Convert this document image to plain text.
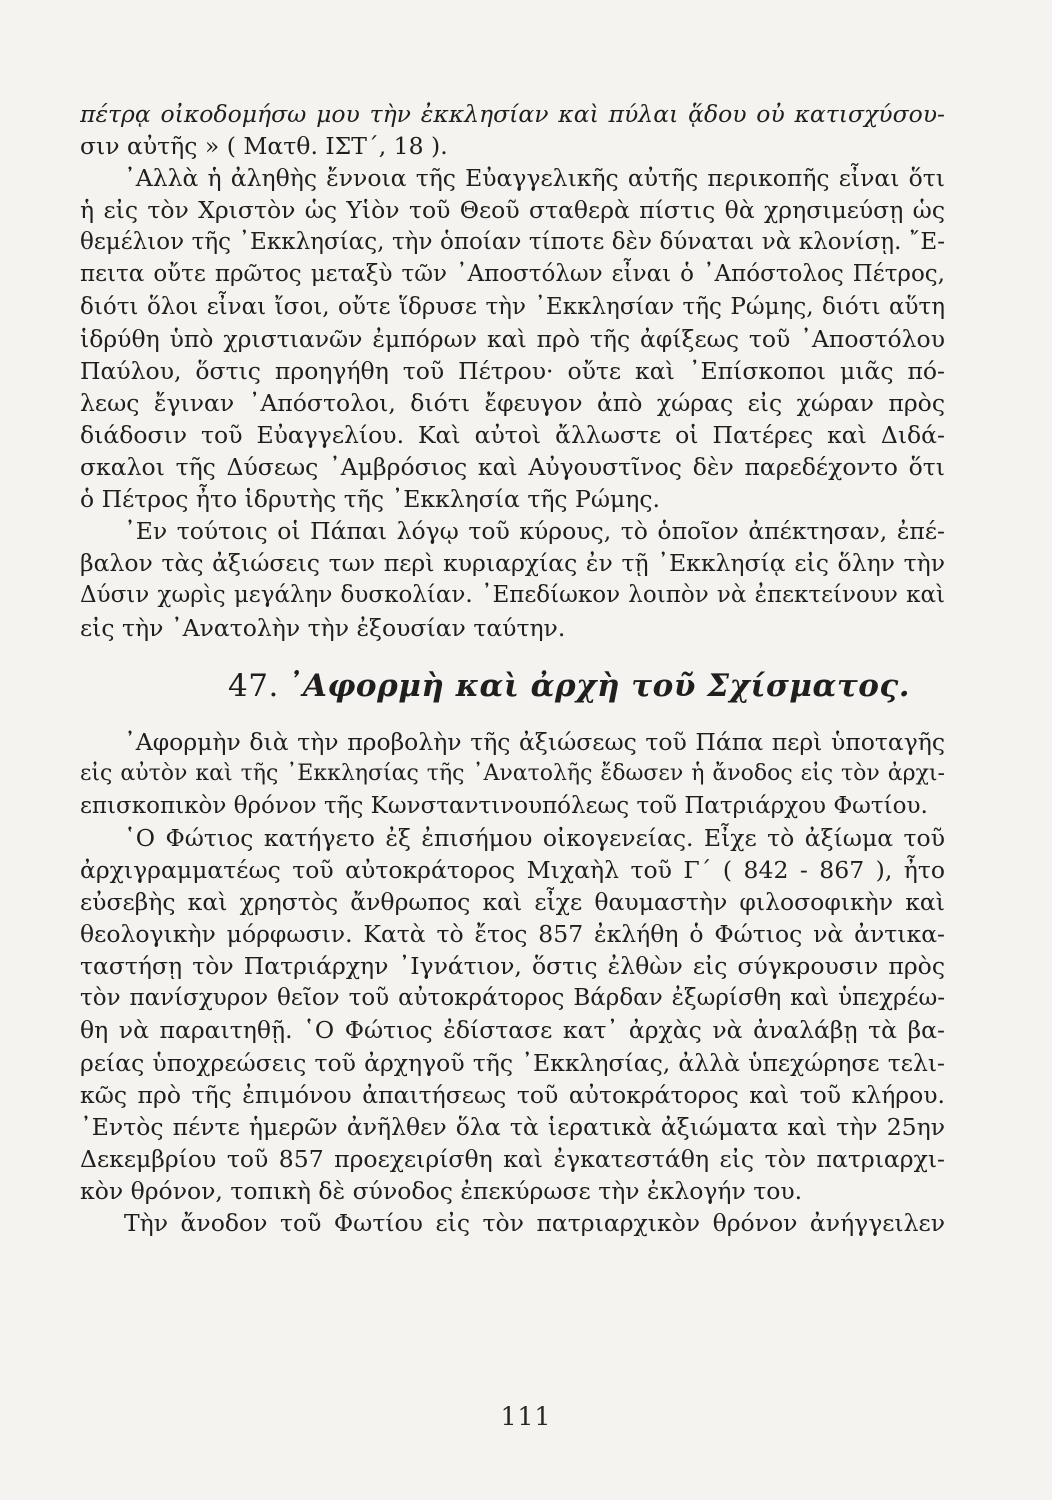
πέτρᾳ οἰκοδομήσω μου τὴν ἐκκλησίαν καὶ πύλαι ᾅδου οὐ κατισχύσου-
σιν αὐτῆς » ( Ματθ. ΙΣΤ΄, 18 ).
᾿Αλλὰ ἡ ἀληθὴς ἔννοια τῆς Εὐαγγελικῆς αὐτῆς περικοπῆς εἶναι ὅτι
ἡ εἰς τὸν Χριστὸν ὡς Υἱὸν τοῦ Θεοῦ σταθερὰ πίστις θὰ χρησιμεύσῃ ὡς
θεμέλιον τῆς ᾿Εκκλησίας, τὴν ὁποίαν τίποτε δὲν δύναται νὰ κλονίσῃ. ῎Ε-
πειτα οὔτε πρῶτος μεταξὺ τῶν ᾿Αποστόλων εἶναι ὁ ᾿Απόστολος Πέτρος,
διότι ὅλοι εἶναι ἴσοι, οὔτε ἵδρυσε τὴν ᾿Εκκλησίαν τῆς Ρώμης, διότι αὕτη
ἱδρύθη ὑπὸ χριστιανῶν ἐμπόρων καὶ πρὸ τῆς ἀφίξεως τοῦ ᾿Αποστόλου
Παύλου, ὅστις προηγήθη τοῦ Πέτρου· οὔτε καὶ ᾿Επίσκοποι μιᾶς πό-
λεως ἔγιναν ᾿Απόστολοι, διότι ἔφευγον ἀπὸ χώρας εἰς χώραν πρὸς
διάδοσιν τοῦ Εὐαγγελίου. Καὶ αὐτοὶ ἄλλωστε οἱ Πατέρες καὶ Διδά-
σκαλοι τῆς Δύσεως ᾿Αμβρόσιος καὶ Αὐγουστῖνος δὲν παρεδέχοντο ὅτι
ὁ Πέτρος ἦτο ἱδρυτὴς τῆς ᾿Εκκλησία τῆς Ρώμης.
᾿Εν τούτοις οἱ Πάπαι λόγῳ τοῦ κύρους, τὸ ὁποῖον ἀπέκτησαν, ἐπέ-
βαλον τὰς ἀξιώσεις των περὶ κυριαρχίας ἐν τῇ ᾿Εκκλησίᾳ εἰς ὅλην τὴν
Δύσιν χωρὶς μεγάλην δυσκολίαν. ᾿Επεδίωκον λοιπὸν νὰ ἐπεκτείνουν καὶ
εἰς τὴν ᾿Ανατολὴν τὴν ἐξουσίαν ταύτην.
47. ᾿Αφορμὴ καὶ ἀρχὴ τοῦ Σχίσματος.
᾿Αφορμὴν διὰ τὴν προβολὴν τῆς ἀξιώσεως τοῦ Πάπα περὶ ὑποταγῆς
εἰς αὐτὸν καὶ τῆς ᾿Εκκλησίας τῆς ᾿Ανατολῆς ἔδωσεν ἡ ἄνοδος εἰς τὸν ἀρχι-
επισκοπικὸν θρόνον τῆς Κωνσταντινουπόλεως τοῦ Πατριάρχου Φωτίου.
῾Ο Φώτιος κατήγετο ἐξ ἐπισήμου οἰκογενείας. Εἶχε τὸ ἀξίωμα τοῦ
ἀρχιγραμματέως τοῦ αὐτοκράτορος Μιχαὴλ τοῦ Γ΄ ( 842 - 867 ), ἦτο
εὐσεβὴς καὶ χρηστὸς ἄνθρωπος καὶ εἶχε θαυμαστὴν φιλοσοφικὴν καὶ
θεολογικὴν μόρφωσιν. Κατὰ τὸ ἔτος 857 ἐκλήθη ὁ Φώτιος νὰ ἀντικα-
ταστήσῃ τὸν Πατριάρχην ᾿Ιγνάτιον, ὅστις ἐλθὼν εἰς σύγκρουσιν πρὸς
τὸν πανίσχυρον θεῖον τοῦ αὐτοκράτορος Βάρδαν ἐξωρίσθη καὶ ὑπεχρέω-
θη νὰ παραιτηθῇ. ῾Ο Φώτιος ἐδίστασε κατ᾿ ἀρχὰς νὰ ἀναλάβῃ τὰ βα-
ρείας ὑποχρεώσεις τοῦ ἀρχηγοῦ τῆς ᾿Εκκλησίας, ἀλλὰ ὑπεχώρησε τελι-
κῶς πρὸ τῆς ἐπιμόνου ἀπαιτήσεως τοῦ αὐτοκράτορος καὶ τοῦ κλήρου.
᾿Εντὸς πέντε ἡμερῶν ἀνῆλθεν ὅλα τὰ ἱερατικὰ ἀξιώματα καὶ τὴν 25ην
Δεκεμβρίου τοῦ 857 προεχειρίσθη καὶ ἐγκατεστάθη εἰς τὸν πατριαρχι-
κὸν θρόνον, τοπικὴ δὲ σύνοδος ἐπεκύρωσε τὴν ἐκλογήν του.
Τὴν ἄνοδον τοῦ Φωτίου εἰς τὸν πατριαρχικὸν θρόνον ἀνήγγειλεν
111
